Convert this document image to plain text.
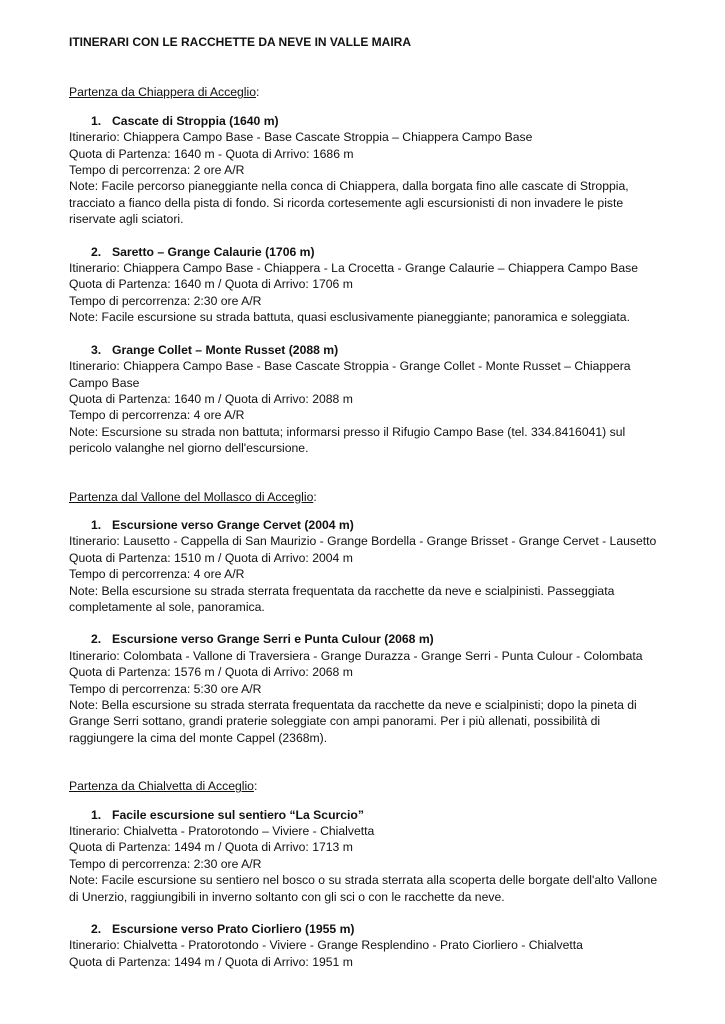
ITINERARI CON LE RACCHETTE DA NEVE IN VALLE MAIRA

Partenza da Chiappera di Acceglio:

1. Cascate di Stroppia (1640 m)

Itinerario: Chiappera Campo Base - Base Cascate Stroppia – Chiappera Campo Base

Quota di Partenza: 1640 m - Quota di Arrivo: 1686 m

Tempo di percorrenza: 2 ore A/R

Note: Facile percorso pianeggiante nella conca di Chiappera, dalla borgata fino alle cascate di Stroppia, tracciato a fianco della pista di fondo. Si ricorda cortesemente agli escursionisti di non invadere le piste riservate agli sciatori.

2. Saretto – Grange Calaurie (1706 m)

Itinerario: Chiappera Campo Base - Chiappera - La Crocetta - Grange Calaurie – Chiappera Campo Base

Quota di Partenza: 1640 m / Quota di Arrivo: 1706 m

Tempo di percorrenza: 2:30 ore A/R

Note: Facile escursione su strada battuta, quasi esclusivamente pianeggiante; panoramica e soleggiata.

3. Grange Collet – Monte Russet (2088 m)

Itinerario: Chiappera Campo Base - Base Cascate Stroppia - Grange Collet - Monte Russet – Chiappera Campo Base

Quota di Partenza: 1640 m / Quota di Arrivo: 2088 m

Tempo di percorrenza: 4 ore A/R

Note: Escursione su strada non battuta; informarsi presso il Rifugio Campo Base (tel. 334.8416041) sul pericolo valanghe nel giorno dell'escursione.

Partenza dal Vallone del Mollasco di Acceglio:

1. Escursione verso Grange Cervet (2004 m)

Itinerario: Lausetto - Cappella di San Maurizio - Grange Bordella - Grange Brisset - Grange Cervet - Lausetto

Quota di Partenza: 1510 m / Quota di Arrivo: 2004 m

Tempo di percorrenza: 4 ore A/R

Note: Bella escursione su strada sterrata frequentata da racchette da neve e scialpinisti. Passeggiata completamente al sole, panoramica.

2. Escursione verso Grange Serri e Punta Culour (2068 m)

Itinerario: Colombata - Vallone di Traversiera - Grange Durazza - Grange Serri - Punta Culour - Colombata

Quota di Partenza: 1576 m / Quota di Arrivo: 2068 m

Tempo di percorrenza: 5:30 ore A/R

Note: Bella escursione su strada sterrata frequentata da racchette da neve e scialpinisti; dopo la pineta di Grange Serri sottano, grandi praterie soleggiate con ampi panorami. Per i più allenati, possibilità di raggiungere la cima del monte Cappel (2368m).

Partenza da Chialvetta di Acceglio:

1. Facile escursione sul sentiero “La Scurcio”

Itinerario: Chialvetta - Pratorotondo – Viviere - Chialvetta

Quota di Partenza: 1494 m / Quota di Arrivo: 1713 m

Tempo di percorrenza: 2:30 ore A/R

Note: Facile escursione su sentiero nel bosco o su strada sterrata alla scoperta delle borgate dell'alto Vallone di Unerzio, raggiungibili in inverno soltanto con gli sci o con le racchette da neve.

2. Escursione verso Prato Ciorliero (1955 m)

Itinerario: Chialvetta - Pratorotondo - Viviere - Grange Resplendino - Prato Ciorliero - Chialvetta

Quota di Partenza: 1494 m / Quota di Arrivo: 1951 m
